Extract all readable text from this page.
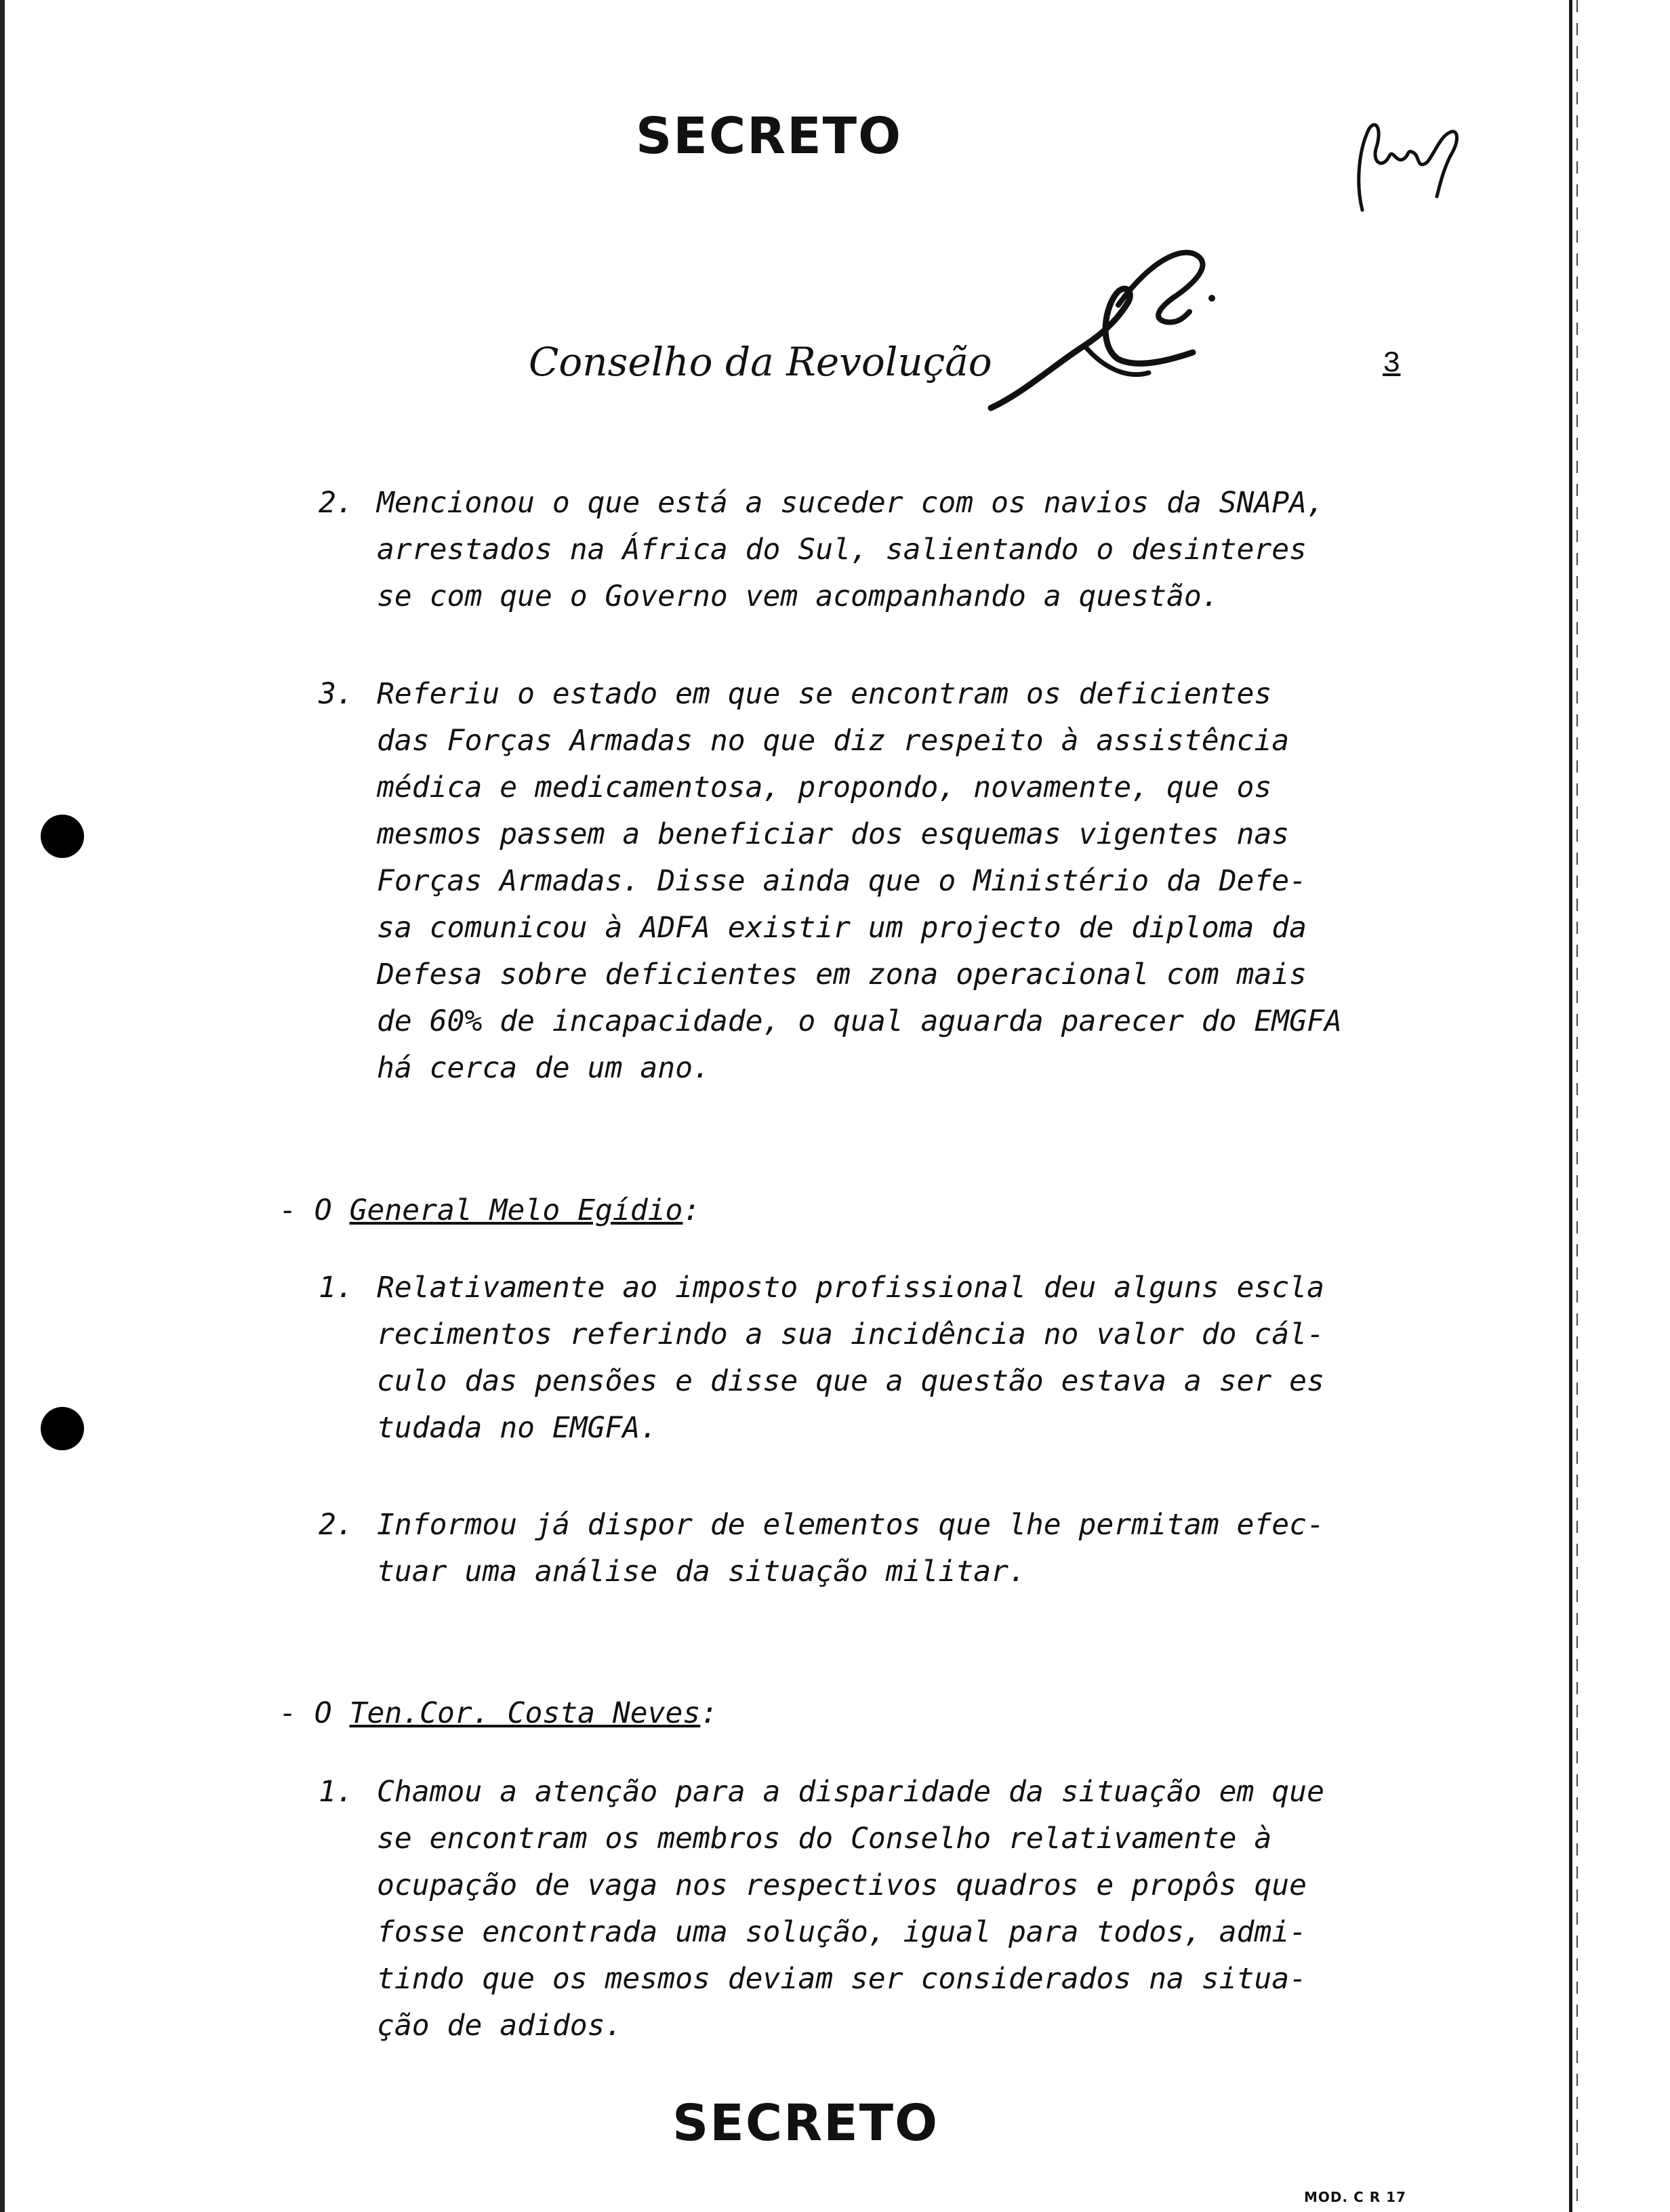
SECRETO
Conselho da Revolução	3
2. Mencionou o que está a suceder com os navios da SNAPA,
arrestados na África do Sul, salientando o desinteres
se com que o Governo vem acompanhando a questão.
3. Referiu o estado em que se encontram os deficientes
das Forças Armadas no que diz respeito à assistência
médica e medicamentosa, propondo, novamente, que os
mesmos passem a beneficiar dos esquemas vigentes nas
Forças Armadas. Disse ainda que o Ministério da Defe-
sa comunicou à ADFA existir um projecto de diploma da
Defesa sobre deficientes em zona operacional com mais
de 60% de incapacidade, o qual aguarda parecer do EMGFA
há cerca de um ano.
- O General Melo Egídio:
1. Relativamente ao imposto profissional deu alguns escla
recimentos referindo a sua incidência no valor do cál-
culo das pensões e disse que a questão estava a ser es
tudada no EMGFA.
2. Informou já dispor de elementos que lhe permitam efec-
tuar uma análise da situação militar.
- O Ten.Cor. Costa Neves:
1. Chamou a atenção para a disparidade da situação em que
se encontram os membros do Conselho relativamente à
ocupação de vaga nos respectivos quadros e propôs que
fosse encontrada uma solução, igual para todos, admi-
tindo que os mesmos deviam ser considerados na situa-
ção de adidos.
SECRETO
MOD. C R 17
